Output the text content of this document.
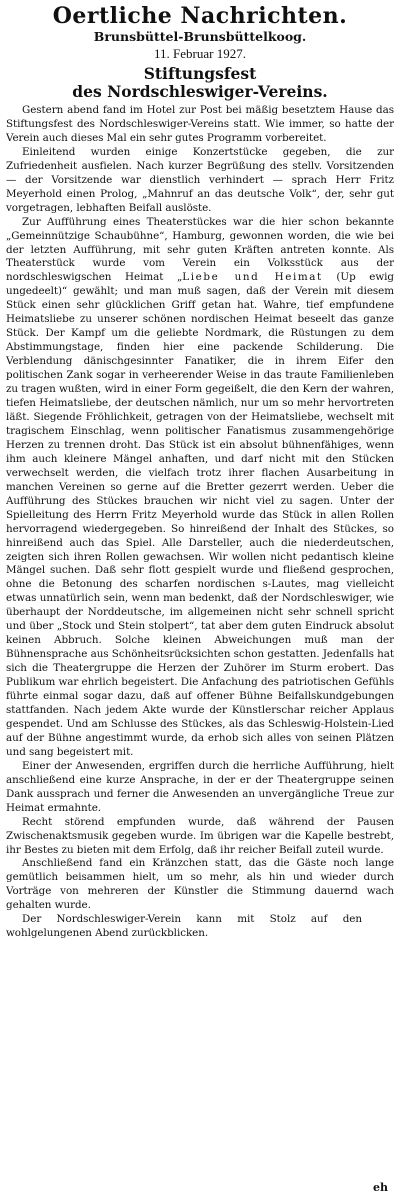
Oertliche Nachrichten.
Brunsbüttel-Brunsbüttelkoog.
11. Februar 1927.
Stiftungsfest
des Nordschleswiger-Vereins.

Gestern abend fand im Hotel zur Post bei mäßig besetztem Hause das Stiftungsfest des Nordschleswiger-Vereins statt. Wie immer, so hatte der Verein auch dieses Mal ein sehr gutes Programm vorbereitet.

Einleitend wurden einige Konzertstücke gegeben, die zur Zufriedenheit ausfielen. Nach kurzer Begrüßung des stellv. Vorsitzenden — der Vorsitzende war dienstlich verhindert — sprach Herr Fritz Meyerhold einen Prolog, „Mahnruf an das deutsche Volk“, der, sehr gut vorgetragen, lebhaften Beifall auslöste.

Zur Aufführung eines Theaterstückes war die hier schon bekannte „Gemeinnützige Schaubühne“, Hamburg, gewonnen worden, die wie bei der letzten Aufführung, mit sehr guten Kräften antreten konnte. Als Theaterstück wurde vom Verein ein Volksstück aus der nordschleswigschen Heimat „Liebe und Heimat (Up ewig ungedeelt)“ gewählt; und man muß sagen, daß der Verein mit diesem Stück einen sehr glücklichen Griff getan hat. Wahre, tief empfundene Heimatsliebe zu unserer schönen nordischen Heimat beseelt das ganze Stück. Der Kampf um die geliebte Nordmark, die Rüstungen zu dem Abstimmungstage, finden hier eine packende Schilderung. Die Verblendung dänischgesinnter Fanatiker, die in ihrem Eifer den politischen Zank sogar in verheerender Weise in das traute Familienleben zu tragen wußten, wird in einer Form gegeißelt, die den Kern der wahren, tiefen Heimatsliebe, der deutschen nämlich, nur um so mehr hervortreten läßt. Siegende Fröhlichkeit, getragen von der Heimatsliebe, wechselt mit tragischem Einschlag, wenn politischer Fanatismus zusammengehörige Herzen zu trennen droht. Das Stück ist ein absolut bühnenfähiges, wenn ihm auch kleinere Mängel anhaften, und darf nicht mit den Stücken verwechselt werden, die vielfach trotz ihrer flachen Ausarbeitung in manchen Vereinen so gerne auf die Bretter gezerrt werden. Ueber die Aufführung des Stückes brauchen wir nicht viel zu sagen. Unter der Spielleitung des Herrn Fritz Meyerhold wurde das Stück in allen Rollen hervorragend wiedergegeben. So hinreißend der Inhalt des Stückes, so hinreißend auch das Spiel. Alle Darsteller, auch die niederdeutschen, zeigten sich ihren Rollen gewachsen. Wir wollen nicht pedantisch kleine Mängel suchen. Daß sehr flott gespielt wurde und fließend gesprochen, ohne die Betonung des scharfen nordischen s-Lautes, mag vielleicht etwas unnatürlich sein, wenn man bedenkt, daß der Nordschleswiger, wie überhaupt der Norddeutsche, im allgemeinen nicht sehr schnell spricht und über „Stock und Stein stolpert“, tat aber dem guten Eindruck absolut keinen Abbruch. Solche kleinen Abweichungen muß man der Bühnensprache aus Schönheitsrücksichten schon gestatten. Jedenfalls hat sich die Theatergruppe die Herzen der Zuhörer im Sturm erobert. Das Publikum war ehrlich begeistert. Die Anfachung des patriotischen Gefühls führte einmal sogar dazu, daß auf offener Bühne Beifallskundgebungen stattfanden. Nach jedem Akte wurde der Künstlerschar reicher Applaus gespendet. Und am Schlusse des Stückes, als das Schleswig-Holstein-Lied auf der Bühne angestimmt wurde, da erhob sich alles von seinen Plätzen und sang begeistert mit.

Einer der Anwesenden, ergriffen durch die herrliche Aufführung, hielt anschließend eine kurze Ansprache, in der er der Theatergruppe seinen Dank aussprach und ferner die Anwesenden an unvergängliche Treue zur Heimat ermahnte.

Recht störend empfunden wurde, daß während der Pausen Zwischenaktsmusik gegeben wurde. Im übrigen war die Kapelle bestrebt, ihr Bestes zu bieten mit dem Erfolg, daß ihr reicher Beifall zuteil wurde.

Anschließend fand ein Kränzchen statt, das die Gäste noch lange gemütlich beisammen hielt, um so mehr, als hin und wieder durch Vorträge von mehreren der Künstler die Stimmung dauernd wach gehalten wurde.

Der Nordschleswiger-Verein kann mit Stolz auf den wohlgelungenen Abend zurückblicken.

eh
